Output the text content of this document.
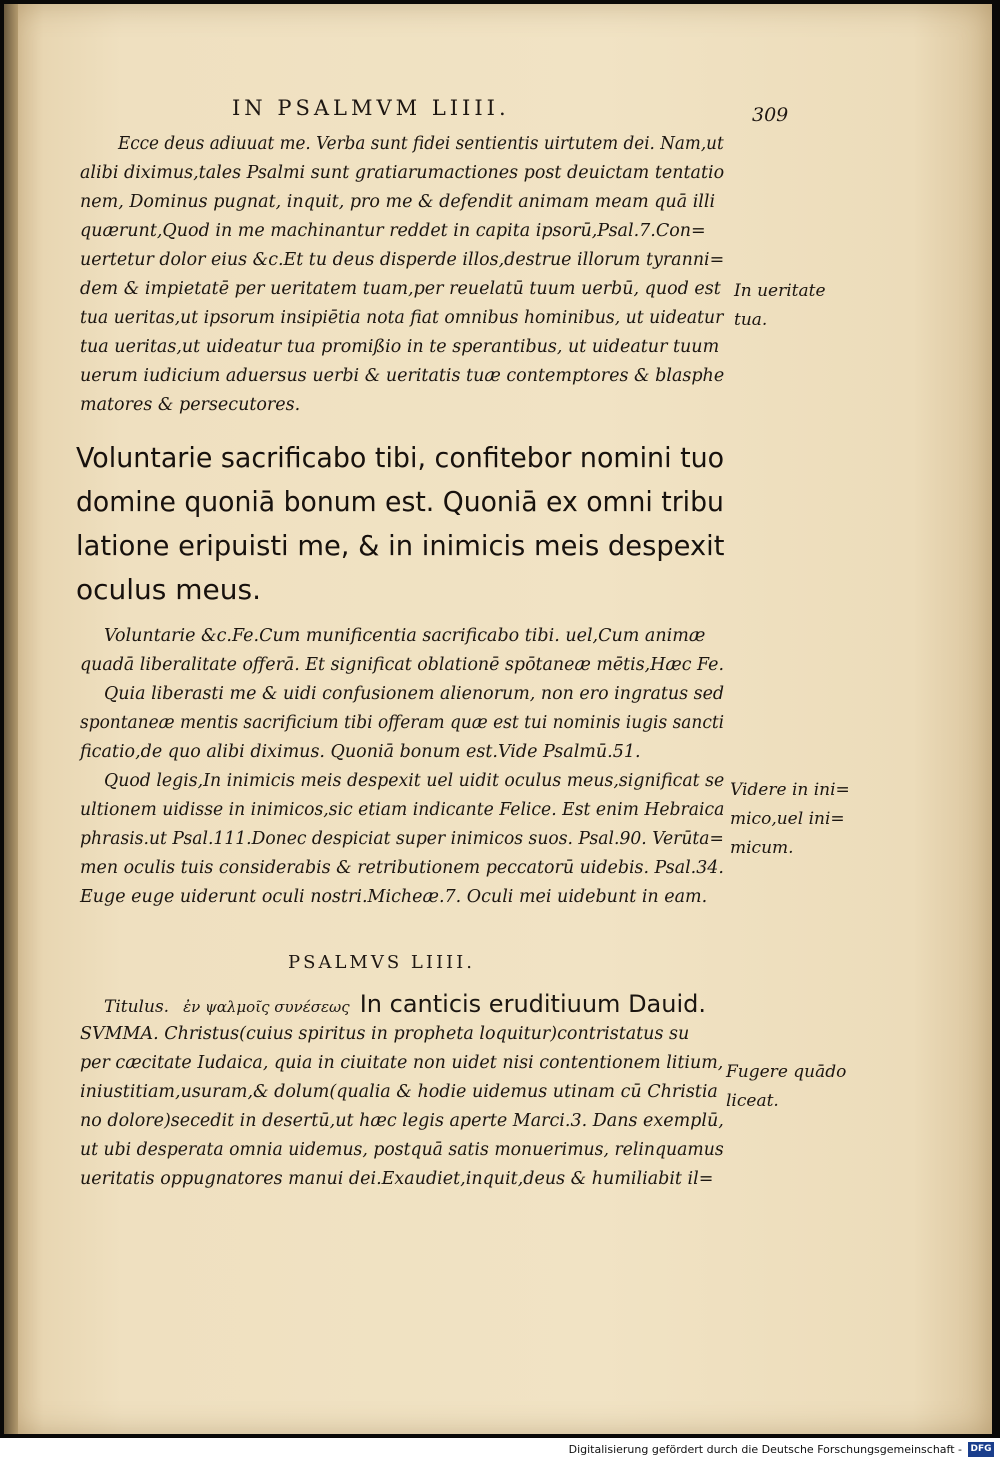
IN PSALMVM LIIII.	309
Ecce deus adiuuat me. Verba sunt fidei sentientis uirtutem dei. Nam,ut
alibi diximus,tales Psalmi sunt gratiarumactiones post deuictam tentatio
nem, Dominus pugnat, inquit, pro me & defendit animam meam quā illi
quærunt,Quod in me machinantur reddet in capita ipsorū,Psal.7.Con=
uertetur dolor eius &c.Et tu deus disperde illos,destrue illorum tyranni=
dem & impietatē per ueritatem tuam,per reuelatū tuum uerbū, quod est
tua ueritas,ut ipsorum insipiētia nota fiat omnibus hominibus, ut uideatur
tua ueritas,ut uideatur tua promißio in te sperantibus, ut uideatur tuum
uerum iudicium aduersus uerbi & ueritatis tuæ contemptores & blasphe
matores & persecutores.
In ueritate
tua.
Voluntarie sacrificabo tibi, confitebor nomini tuo
domine quoniā bonum est. Quoniā ex omni tribu
latione eripuisti me, & in inimicis meis despexit
oculus meus.
Voluntarie &c.Fe.Cum munificentia sacrificabo tibi. uel,Cum animæ
quadā liberalitate offerā. Et significat oblationē spōtaneæ mētis,Hæc Fe.
Quia liberasti me & uidi confusionem alienorum, non ero ingratus sed
spontaneæ mentis sacrificium tibi offeram quæ est tui nominis iugis sancti
ficatio,de quo alibi diximus. Quoniā bonum est.Vide Psalmū.51.
Quod legis,In inimicis meis despexit uel uidit oculus meus,significat se
ultionem uidisse in inimicos,sic etiam indicante Felice. Est enim Hebraica
phrasis.ut Psal.111.Donec despiciat super inimicos suos. Psal.90. Verūta=
men oculis tuis considerabis & retributionem peccatorū uidebis. Psal.34.
Euge euge uiderunt oculi nostri.Micheæ.7. Oculi mei uidebunt in eam.
Videre in ini=
mico,uel ini=
micum.
PSALMVS LIIII.
Titulus. ἐν ψαλμοῖς συνέσεως In canticis eruditiuum Dauid.
SVMMA. Christus(cuius spiritus in propheta loquitur)contristatus su
per cæcitate Iudaica, quia in ciuitate non uidet nisi contentionem litium,
iniustitiam,usuram,& dolum(qualia & hodie uidemus utinam cū Christia
no dolore)secedit in desertū,ut hæc legis aperte Marci.3. Dans exemplū,
ut ubi desperata omnia uidemus, postquā satis monuerimus, relinquamus
ueritatis oppugnatores manui dei.Exaudiet,inquit,deus & humiliabit il=
Fugere quādo
liceat.
Digitalisierung gefördert durch die Deutsche Forschungsgemeinschaft - DFG
